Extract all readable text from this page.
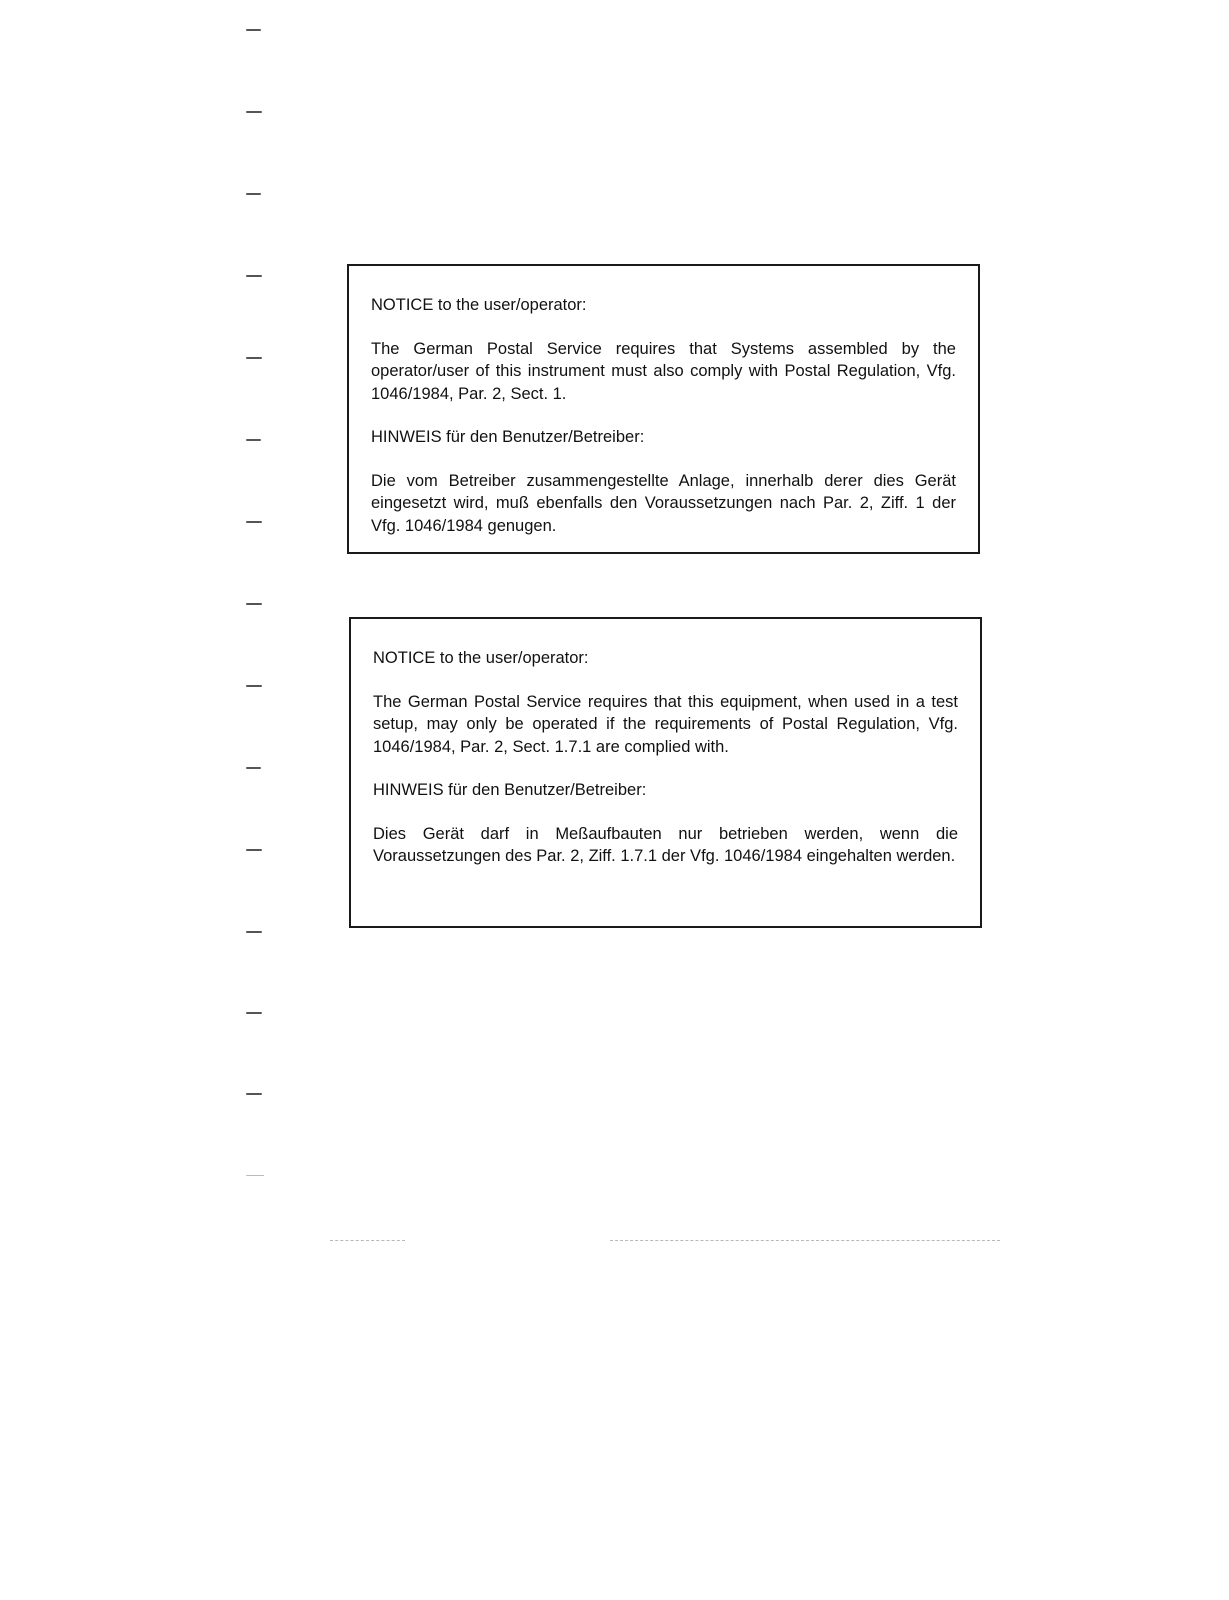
NOTICE to the user/operator:

The German Postal Service requires that Systems assembled by the operator/user of this instrument must also comply with Postal Regulation, Vfg. 1046/1984, Par. 2, Sect. 1.

HINWEIS für den Benutzer/Betreiber:

Die vom Betreiber zusammengestellte Anlage, innerhalb derer dies Gerät eingesetzt wird, muß ebenfalls den Voraussetzungen nach Par. 2, Ziff. 1 der Vfg. 1046/1984 genugen.

NOTICE to the user/operator:

The German Postal Service requires that this equipment, when used in a test setup, may only be operated if the requirements of Postal Regulation, Vfg. 1046/1984, Par. 2, Sect. 1.7.1 are complied with.

HINWEIS für den Benutzer/Betreiber:

Dies Gerät darf in Meßaufbauten nur betrieben werden, wenn die Voraussetzungen des Par. 2, Ziff. 1.7.1 der Vfg. 1046/1984 eingehalten werden.
